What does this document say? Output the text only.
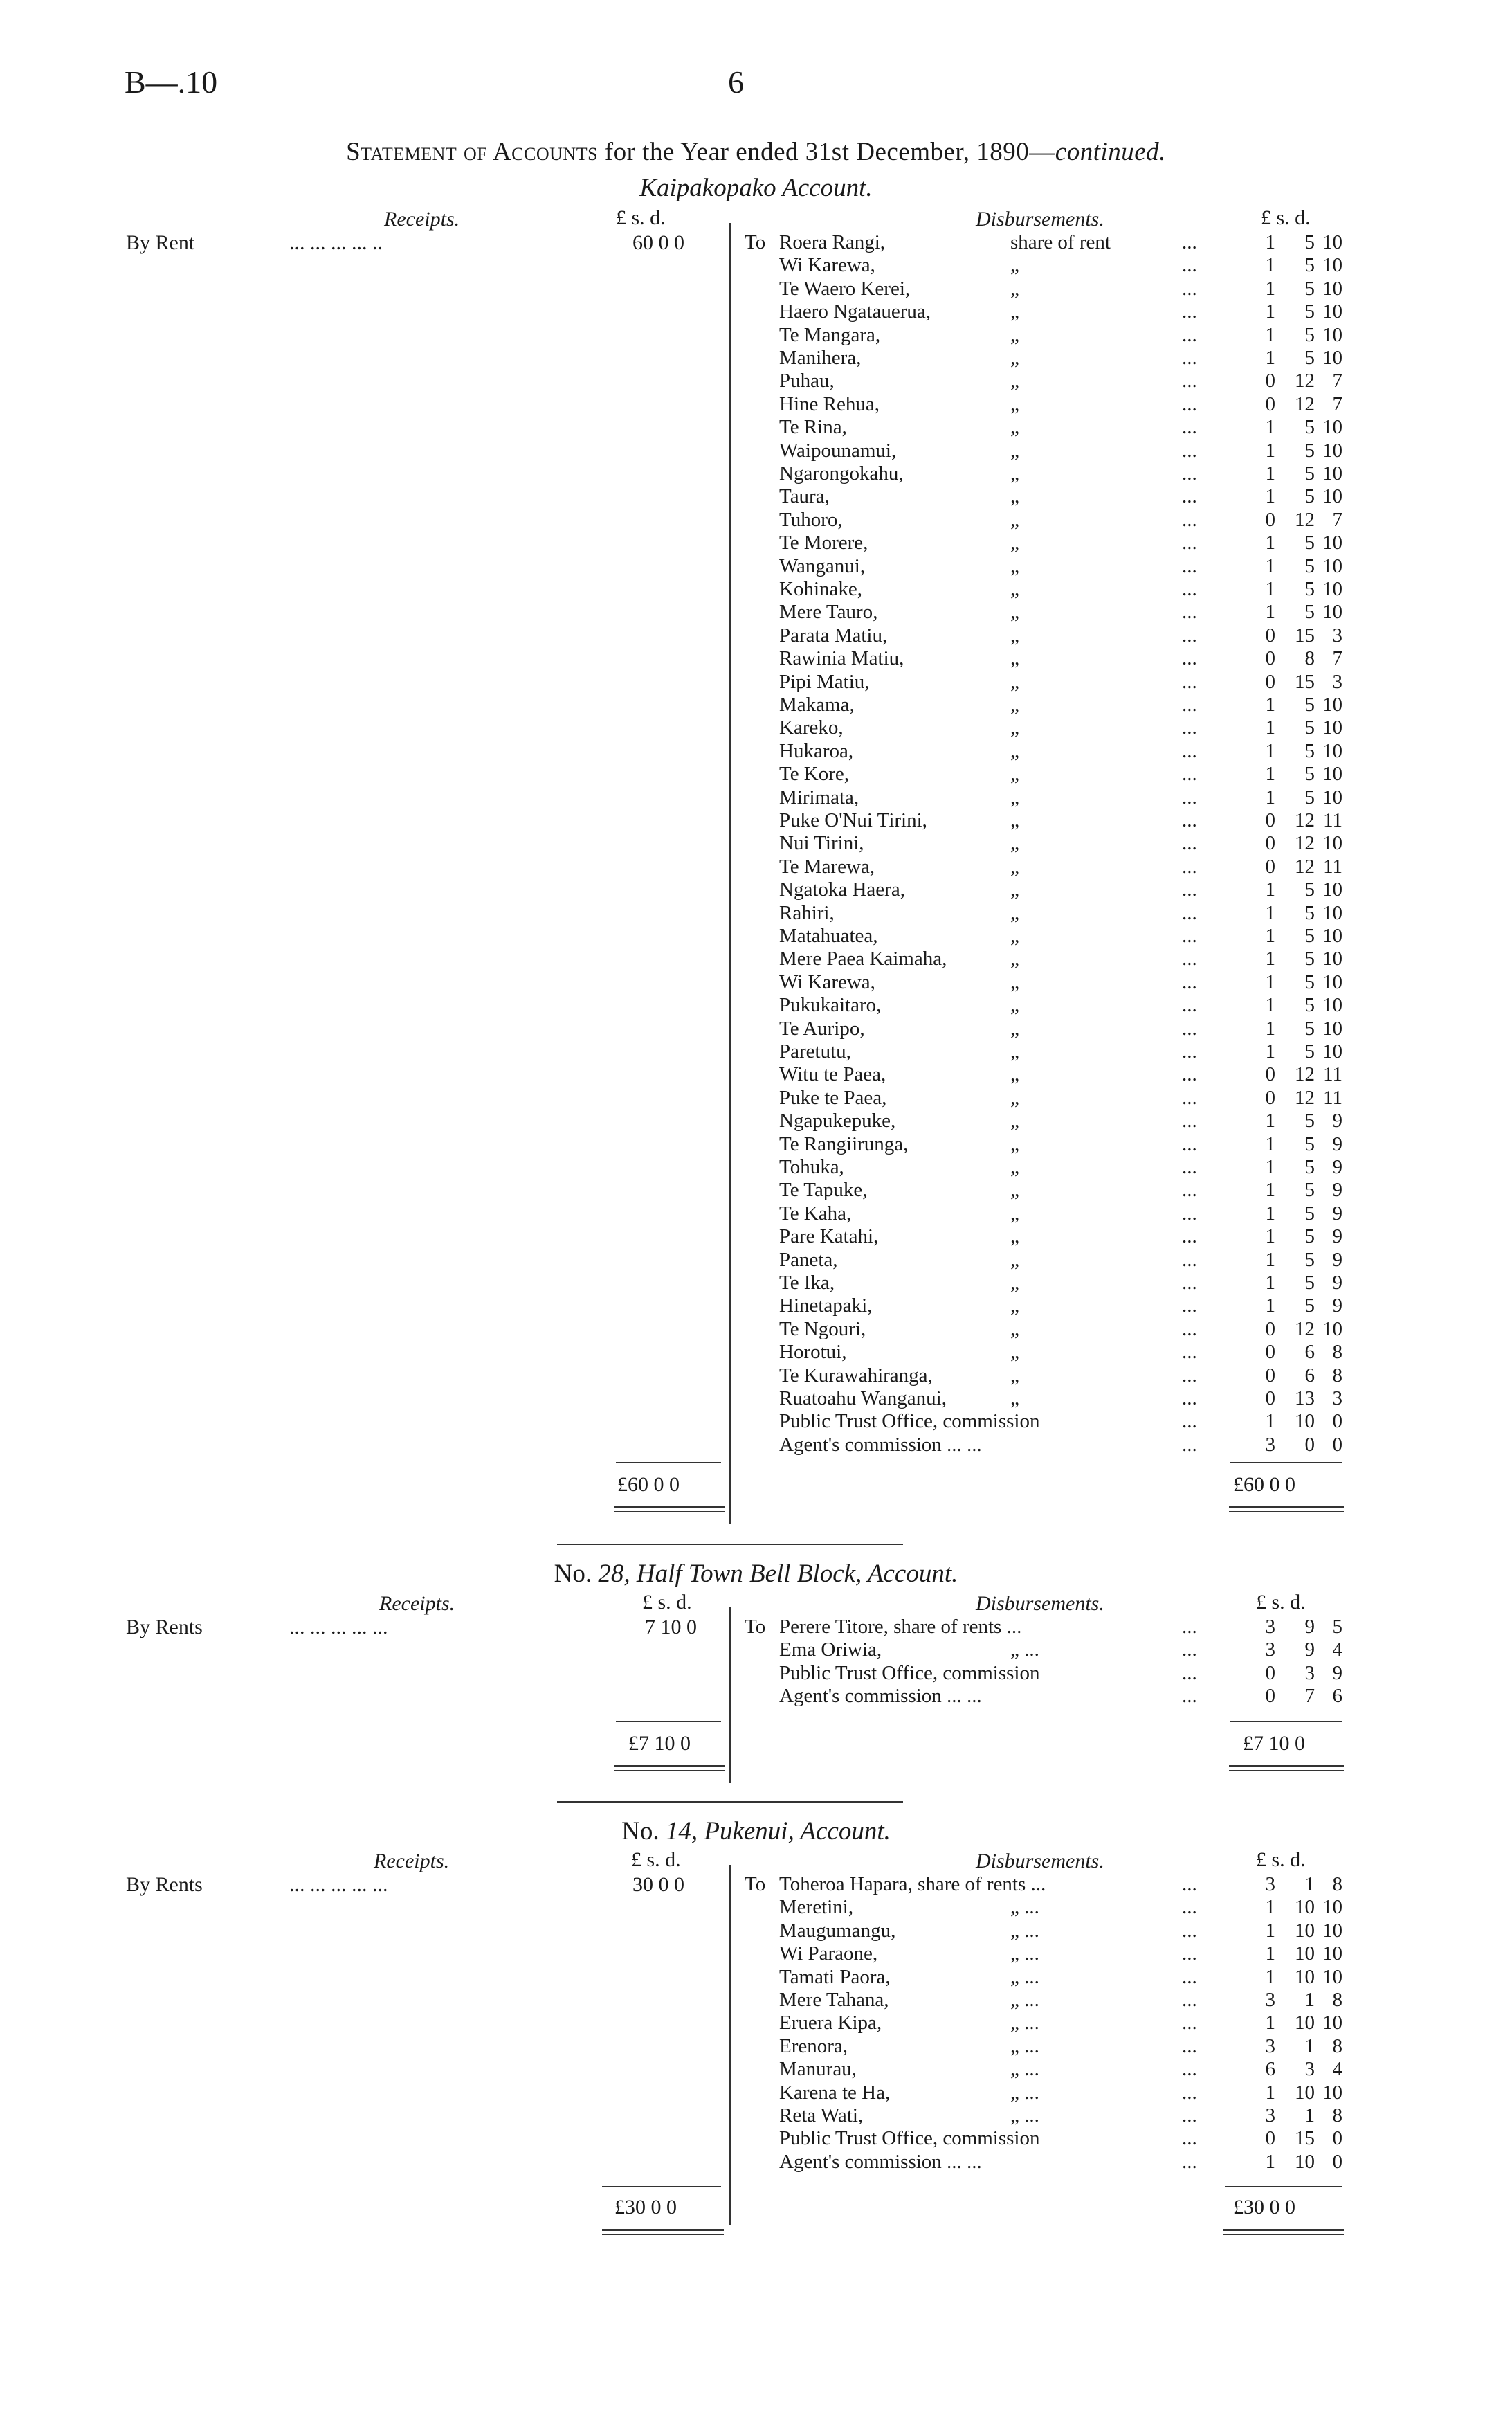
B—.10	6
Statement of Accounts for the Year ended 31st December, 1890—continued.
Kaipakopako Account.
Receipts.	£ s. d.	Disbursements.	£ s. d.
By Rent	... ... ... ... ..	60 0 0	To Roera Rangi,	share of rent	...	1	5 10
Wi Karewa,	„	...	1	5 10
Te Waero Kerei,	„	...	1	5 10
Haero Ngatauerua,	„	...	1	5 10
Te Mangara,	„	...	1	5 10
Manihera,	„	...	1	5 10
Puhau,	„	...	0 12 7
Hine Rehua,	„	...	0 12 7
Te Rina,	„	...	1	5 10
Waipounamui,	„	...	1	5 10
Ngarongokahu,	„	...	1	5 10
Taura,	„	...	1	5 10
Tuhoro,	„	...	0 12 7
Te Morere,	„	...	1	5 10
Wanganui,	„	...	1	5 10
Kohinake,	„	...	1	5 10
Mere Tauro,	„	...	1	5 10
Parata Matiu,	„	...	0 15 3
Rawinia Matiu,	„	...	0	8 7
Pipi Matiu,	„	...	0 15 3
Makama,	„	...	1	5 10
Kareko,	„	...	1	5 10
Hukaroa,	„	...	1	5 10
Te Kore,	„	...	1	5 10
Mirimata,	„	...	1	5 10
Puke O'Nui Tirini,	„	...	0 12 11
Nui Tirini,	„	...	0 12 10
Te Marewa,	„	...	0 12 11
Ngatoka Haera,	„	...	1	5 10
Rahiri,	„	...	1	5 10
Matahuatea,	„	...	1	5 10
Mere Paea Kaimaha,	„	...	1	5 10
Wi Karewa,	„	...	1	5 10
Pukukaitaro,	„	...	1	5 10
Te Auripo,	„	...	1	5 10
Paretutu,	„	...	1	5 10
Witu te Paea,	„	...	0 12 11
Puke te Paea,	„	...	0 12 11
Ngapukepuke,	„	...	1	5 9
Te Rangiirunga,	„	...	1	5 9
Tohuka,	„	...	1	5 9
Te Tapuke,	„	...	1	5 9
Te Kaha,	„	...	1	5 9
Pare Katahi,	„	...	1	5 9
Paneta,	„	...	1	5 9
Te Ika,	„	...	1	5 9
Hinetapaki,	„	...	1	5 9
Te Ngouri,	„	...	0 12 10
Horotui,	„	...	0	6 8
Te Kurawahiranga,	„	...	0	6 8
Ruatoahu Wanganui,	„	...	0 13 3
Public Trust Office, commission	...	1 10 0
Agent's commission ... ...	...	3	0 0
£60 0 0	£60 0 0
No. 28, Half Town Bell Block, Account.
Receipts.	£ s. d.	Disbursements.	£ s. d.
By Rents	... ... ... ... ...	7 10 0 To Perere Titore, share of rents ...	...	3	9 5
Ema Oriwia,	„ ...	...	3	9 4
Public Trust Office, commission	...	0	3 9
Agent's commission ... ...	...	0	7 6
£7 10 0	£7 10 0
No. 14, Pukenui, Account.
Receipts.	£ s. d.	Disbursements.	£ s. d.
By Rents	... ... ... ... ...	30 0 0	To Toheroa Hapara, share of rents ...	...	3	1 8
Meretini,	„ ...	...	1 10 10
Maugumangu,	„ ...	...	1 10 10
Wi Paraone,	„ ...	...	1 10 10
Tamati Paora,	„ ...	...	1 10 10
Mere Tahana,	„ ...	...	3	1 8
Eruera Kipa,	„ ...	...	1 10 10
Erenora,	„ ...	...	3	1 8
Manurau,	„ ...	...	6	3 4
Karena te Ha,	„ ...	...	1 10 10
Reta Wati,	„ ...	...	3	1 8
Public Trust Office, commission	...	0 15 0
Agent's commission ... ...	...	1 10 0
£30 0 0	£30 0 0
